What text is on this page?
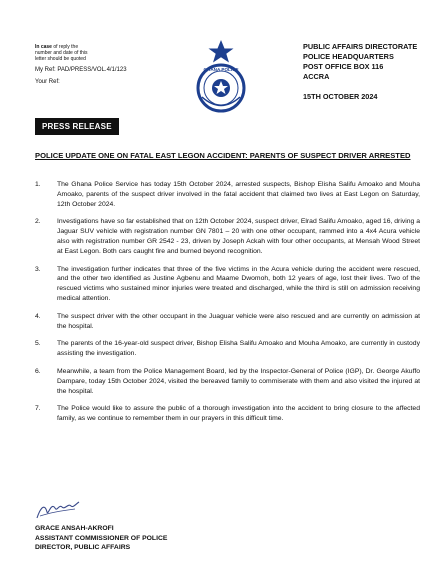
In case of reply the

number and date of this

letter should be quoted

My Ref: PAD/PRESS/VOL.4/1/123
Your Ref:
GHANA POLICE
PUBLIC AFFAIRS DIRECTORATE
POLICE HEADQUARTERS
POST OFFICE BOX 116
ACCRA
15TH OCTOBER 2024
PRESS RELEASE
POLICE UPDATE ONE ON FATAL EAST LEGON ACCIDENT: PARENTS OF SUSPECT DRIVER ARRESTED
1.	The Ghana Police Service has today 15th October 2024, arrested suspects, Bishop Elisha Salifu Amoako and Mouha Amoako, parents of the suspect driver involved in the fatal accident that claimed two lives at East Legon on Saturday, 12th October 2024.
2.	Investigations have so far established that on 12th October 2024, suspect driver, Elrad Salifu Amoako, aged 16, driving a Jaguar SUV vehicle with registration number GN 7801 – 20 with one other occupant, rammed into a 4x4 Acura vehicle also with registration number GR 2542 - 23, driven by Joseph Ackah with four other occupants, at Mensah Wood Street at East Legon. Both cars caught fire and burned beyond recognition.
3.	The investigation further indicates that three of the five victims in the Acura vehicle during the accident were rescued, and the other two identified as Justine Agbenu and Maame Dwomoh, both 12 years of age, lost their lives. Two of the rescued victims who sustained minor injuries were treated and discharged, while the third is still on admission receiving medical attention.
4.	The suspect driver with the other occupant in the Juaguar vehicle were also rescued and are currently on admission at the hospital.
5.	The parents of the 16-year-old suspect driver, Bishop Elisha Salifu Amoako and Mouha Amoako, are currently in custody assisting the investigation.
6.	Meanwhile, a team from the Police Management Board, led by the Inspector-General of Police (IGP), Dr. George Akuffo Dampare, today 15th October 2024, visited the bereaved family to commiserate with them and also visited the injured at the hospital.
7.	The Police would like to assure the public of a thorough investigation into the accident to bring closure to the affected family, as we continue to remember them in our prayers in this difficult time.
GRACE ANSAH-AKROFI
ASSISTANT COMMISSIONER OF POLICE
DIRECTOR, PUBLIC AFFAIRS
